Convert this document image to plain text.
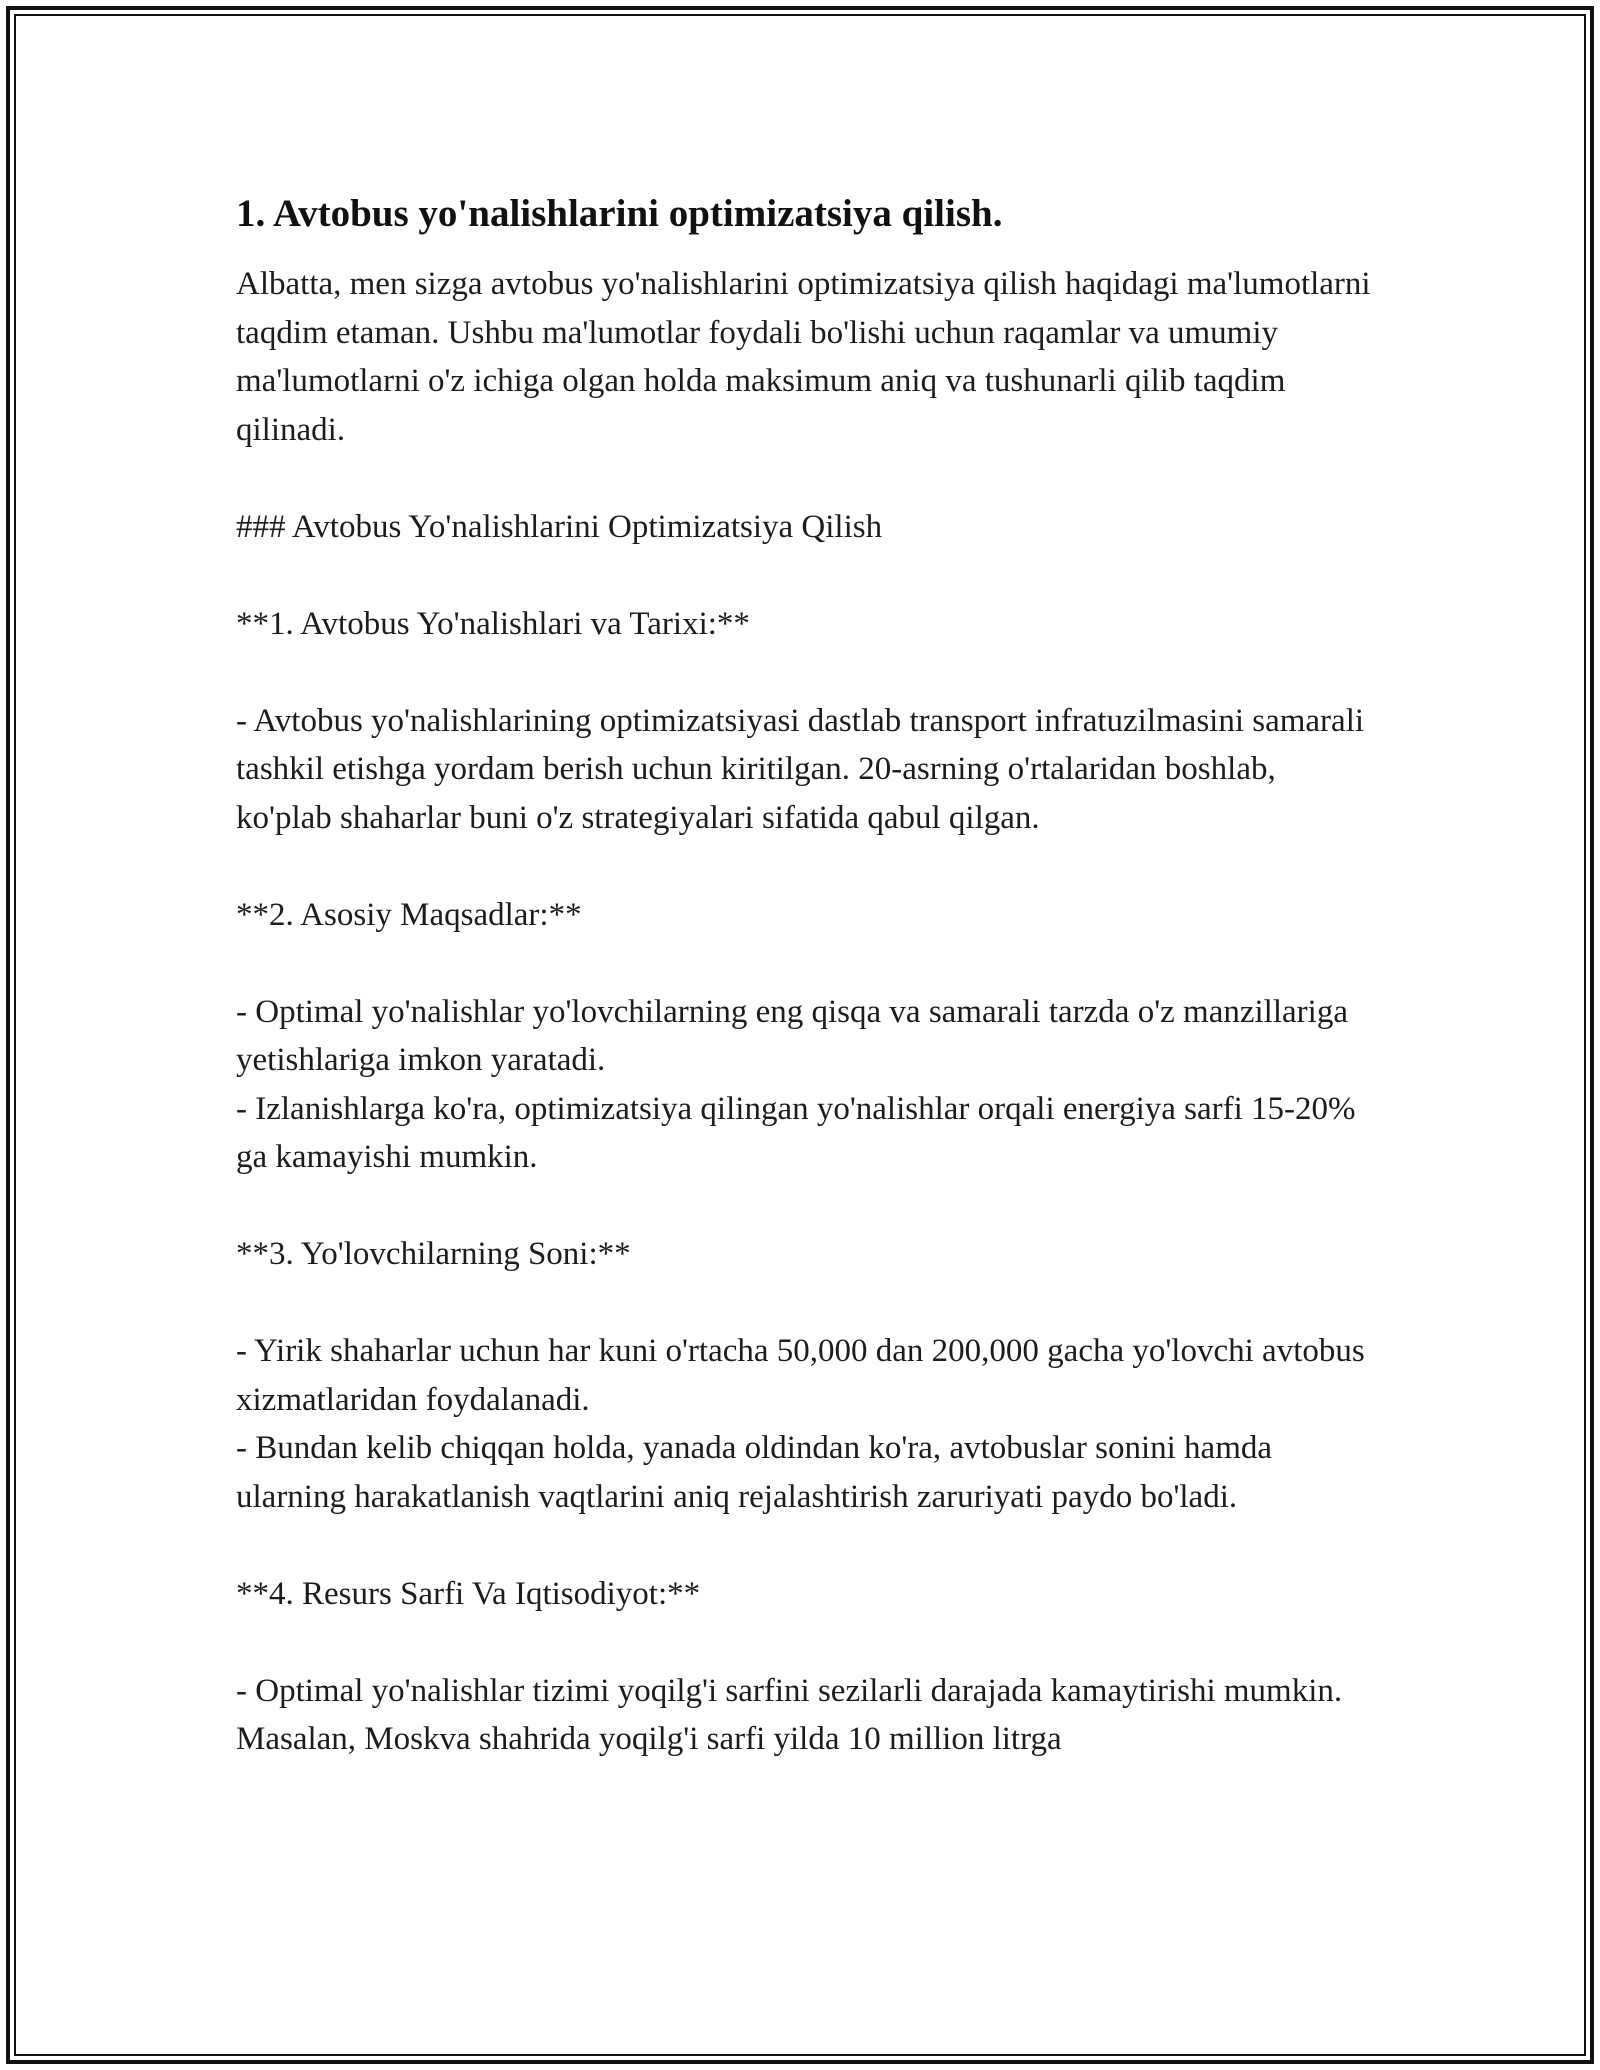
1. Avtobus yo'nalishlarini optimizatsiya qilish.

Albatta, men sizga avtobus yo'nalishlarini optimizatsiya qilish haqidagi ma'lumotlarni taqdim etaman. Ushbu ma'lumotlar foydali bo'lishi uchun raqamlar va umumiy ma'lumotlarni o'z ichiga olgan holda maksimum aniq va tushunarli qilib taqdim qilinadi.

### Avtobus Yo'nalishlarini Optimizatsiya Qilish

**1. Avtobus Yo'nalishlari va Tarixi:**

- Avtobus yo'nalishlarining optimizatsiyasi dastlab transport infratuzilmasini samarali tashkil etishga yordam berish uchun kiritilgan. 20-asrning o'rtalaridan boshlab, ko'plab shaharlar buni o'z strategiyalari sifatida qabul qilgan.

**2. Asosiy Maqsadlar:**

- Optimal yo'nalishlar yo'lovchilarning eng qisqa va samarali tarzda o'z manzillariga yetishlariga imkon yaratadi.

- Izlanishlarga ko'ra, optimizatsiya qilingan yo'nalishlar orqali energiya sarfi 15-20% ga kamayishi mumkin.

**3. Yo'lovchilarning Soni:**

- Yirik shaharlar uchun har kuni o'rtacha 50,000 dan 200,000 gacha yo'lovchi avtobus xizmatlaridan foydalanadi.

- Bundan kelib chiqqan holda, yanada oldindan ko'ra, avtobuslar sonini hamda ularning harakatlanish vaqtlarini aniq rejalashtirish zaruriyati paydo bo'ladi.

**4. Resurs Sarfi Va Iqtisodiyot:**

- Optimal yo'nalishlar tizimi yoqilg'i sarfini sezilarli darajada kamaytirishi mumkin. Masalan, Moskva shahrida yoqilg'i sarfi yilda 10 million litrga
